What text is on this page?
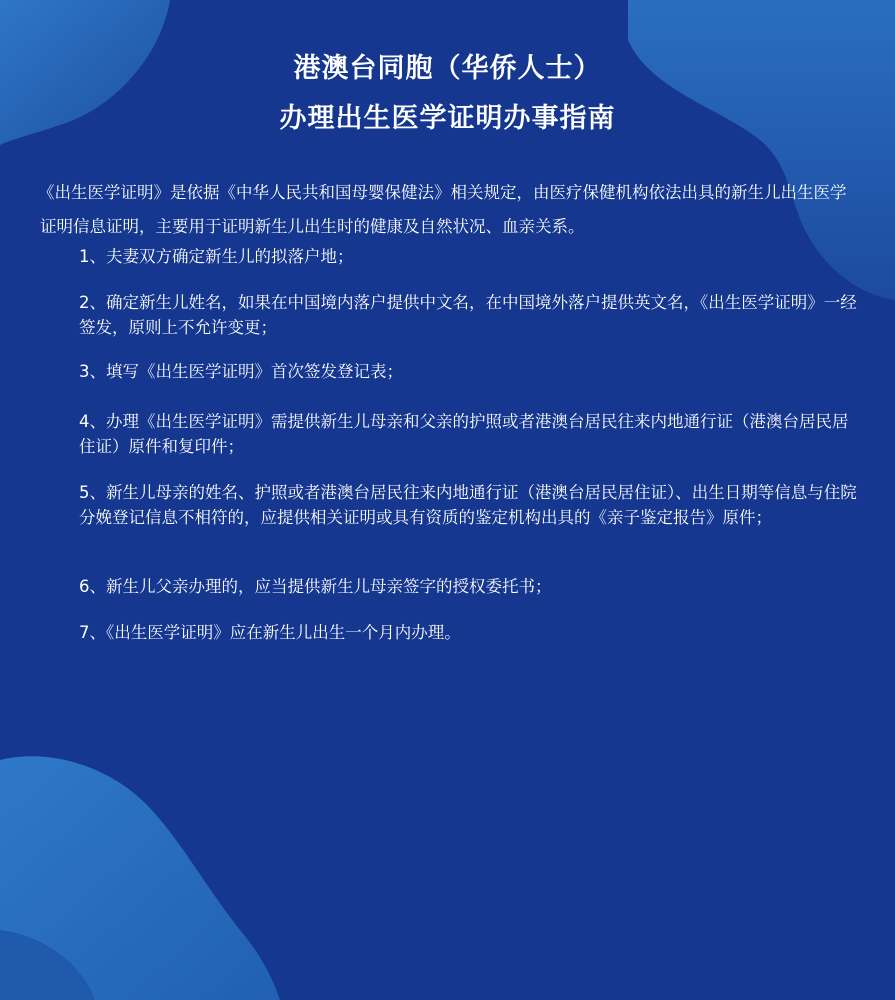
港澳台同胞（华侨人士）
办理出生医学证明办事指南
《出生医学证明》是依据《中华人民共和国母婴保健法》相关规定，由医疗保健机构依法出具的新生儿出生医学证明信息证明，主要用于证明新生儿出生时的健康及自然状况、血亲关系。
1、夫妻双方确定新生儿的拟落户地；
2、确定新生儿姓名，如果在中国境内落户提供中文名，在中国境外落户提供英文名，《出生医学证明》一经签发，原则上不允许变更；
3、填写《出生医学证明》首次签发登记表；
4、办理《出生医学证明》需提供新生儿母亲和父亲的护照或者港澳台居民往来内地通行证（港澳台居民居住证）原件和复印件；
5、新生儿母亲的姓名、护照或者港澳台居民往来内地通行证（港澳台居民居住证）、出生日期等信息与住院分娩登记信息不相符的，应提供相关证明或具有资质的鉴定机构出具的《亲子鉴定报告》原件；
6、新生儿父亲办理的，应当提供新生儿母亲签字的授权委托书；
7、《出生医学证明》应在新生儿出生一个月内办理。
